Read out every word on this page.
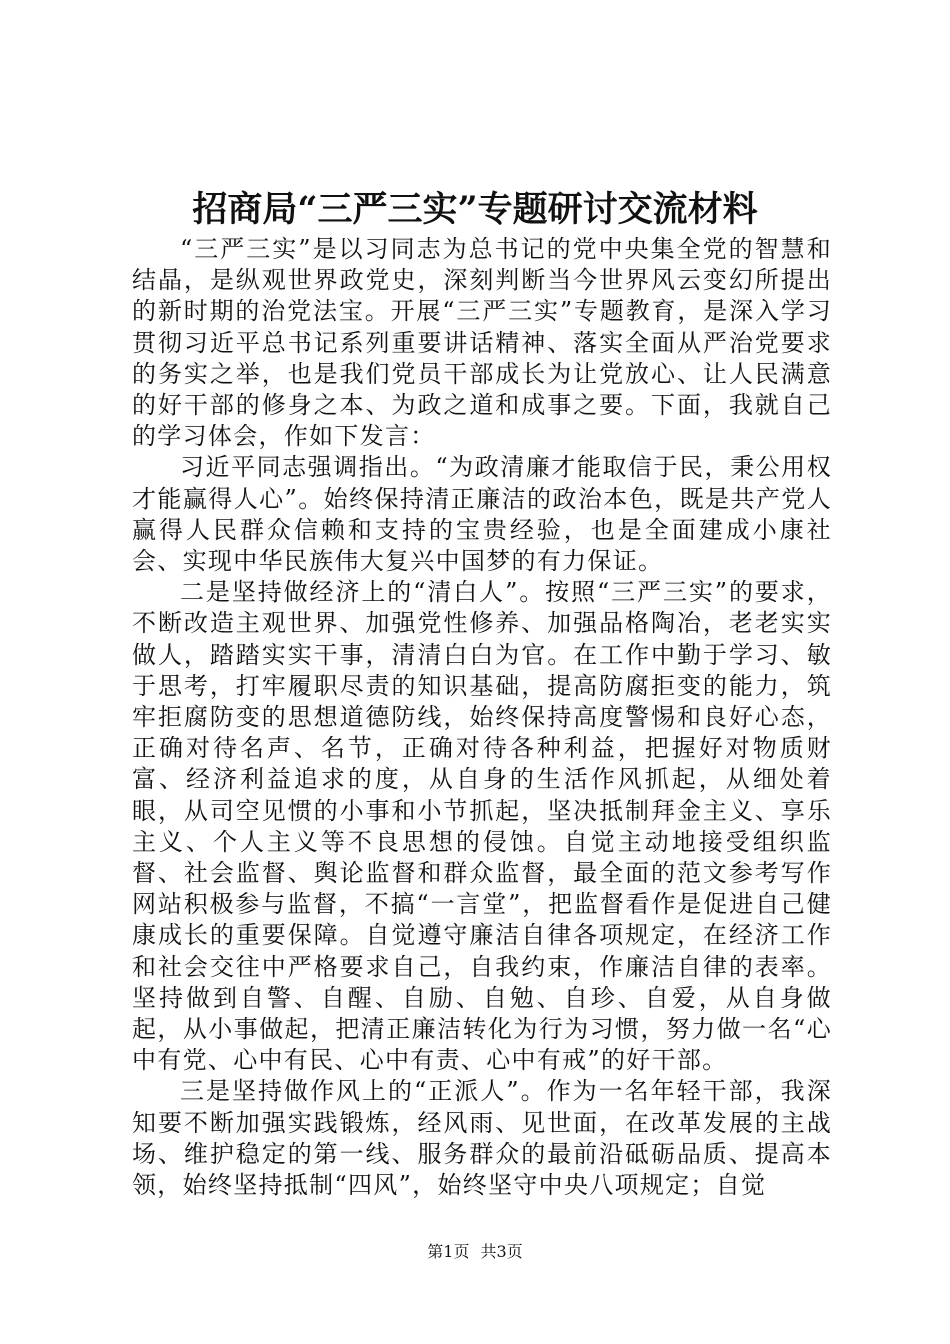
招商局“三严三实”专题研讨交流材料

“三严三实”是以习同志为总书记的党中央集全党的智慧和结晶，是纵观世界政党史，深刻判断当今世界风云变幻所提出的新时期的治党法宝。开展“三严三实”专题教育，是深入学习贯彻习近平总书记系列重要讲话精神、落实全面从严治党要求的务实之举，也是我们党员干部成长为让党放心、让人民满意的好干部的修身之本、为政之道和成事之要。下面，我就自己的学习体会，作如下发言：

习近平同志强调指出。“为政清廉才能取信于民，秉公用权才能赢得人心”。始终保持清正廉洁的政治本色，既是共产党人赢得人民群众信赖和支持的宝贵经验，也是全面建成小康社会、实现中华民族伟大复兴中国梦的有力保证。

二是坚持做经济上的“清白人”。按照“三严三实”的要求，不断改造主观世界、加强党性修养、加强品格陶冶，老老实实做人，踏踏实实干事，清清白白为官。在工作中勤于学习、敏于思考，打牢履职尽责的知识基础，提高防腐拒变的能力，筑牢拒腐防变的思想道德防线，始终保持高度警惕和良好心态，正确对待名声、名节，正确对待各种利益，把握好对物质财富、经济利益追求的度，从自身的生活作风抓起，从细处着眼，从司空见惯的小事和小节抓起，坚决抵制拜金主义、享乐主义、个人主义等不良思想的侵蚀。自觉主动地接受组织监督、社会监督、舆论监督和群众监督，最全面的范文参考写作网站积极参与监督，不搞“一言堂”，把监督看作是促进自己健康成长的重要保障。自觉遵守廉洁自律各项规定，在经济工作和社会交往中严格要求自己，自我约束，作廉洁自律的表率。坚持做到自警、自醒、自励、自勉、自珍、自爱，从自身做起，从小事做起，把清正廉洁转化为行为习惯，努力做一名“心中有党、心中有民、心中有责、心中有戒”的好干部。

三是坚持做作风上的“正派人”。作为一名年轻干部，我深知要不断加强实践锻炼，经风雨、见世面，在改革发展的主战场、维护稳定的第一线、服务群众的最前沿砥砺品质、提高本领，始终坚持抵制“四风”，始终坚守中央八项规定；自觉

第1页 共3页
